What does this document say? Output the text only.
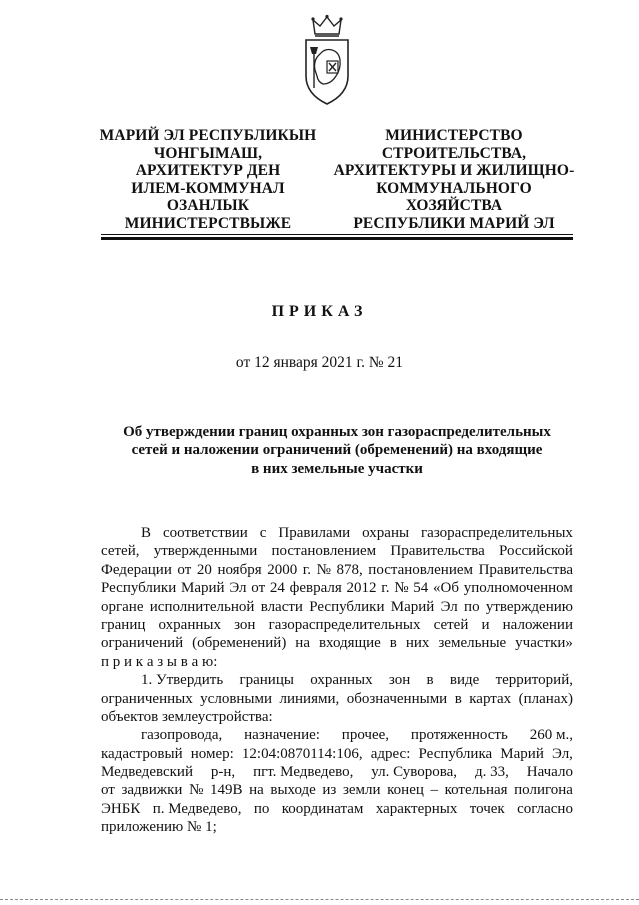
МАРИЙ ЭЛ РЕСПУБЛИКЫН
ЧОНГЫМАШ,
АРХИТЕКТУР ДЕН
ИЛЕМ-КОММУНАЛ
ОЗАНЛЫК
МИНИСТЕРСТВЫЖЕ
МИНИСТЕРСТВО
СТРОИТЕЛЬСТВА,
АРХИТЕКТУРЫ И ЖИЛИЩНО-
КОММУНАЛЬНОГО
ХОЗЯЙСТВА
РЕСПУБЛИКИ МАРИЙ ЭЛ
ПРИКАЗ
от 12 января 2021 г. № 21
Об утверждении границ охранных зон газораспределительных
сетей и наложении ограничений (обременений) на входящие
в них земельные участки
В соответствии с Правилами охраны газораспределительных
сетей, утвержденными постановлением Правительства Российской
Федерации от 20 ноября 2000 г. № 878, постановлением Правительства
Республики Марий Эл от 24 февраля 2012 г. № 54 «Об уполномоченном
органе исполнительной власти Республики Марий Эл по утверждению
границ охранных зон газораспределительных сетей и наложении
ограничений (обременений) на входящие в них земельные участки»
п р и к а з ы в а ю:
1. Утвердить границы охранных зон в виде территорий,
ограниченных условными линиями, обозначенными в картах (планах)
объектов землеустройства:
газопровода, назначение: прочее, протяженность 260 м.,
кадастровый номер: 12:04:0870114:106, адрес: Республика Марий Эл,
Медведевский р-н, пгт. Медведево, ул. Суворова, д. 33, Начало
от задвижки № 149В на выходе из земли конец – котельная полигона
ЭНБК п. Медведево, по координатам характерных точек согласно
приложению № 1;
